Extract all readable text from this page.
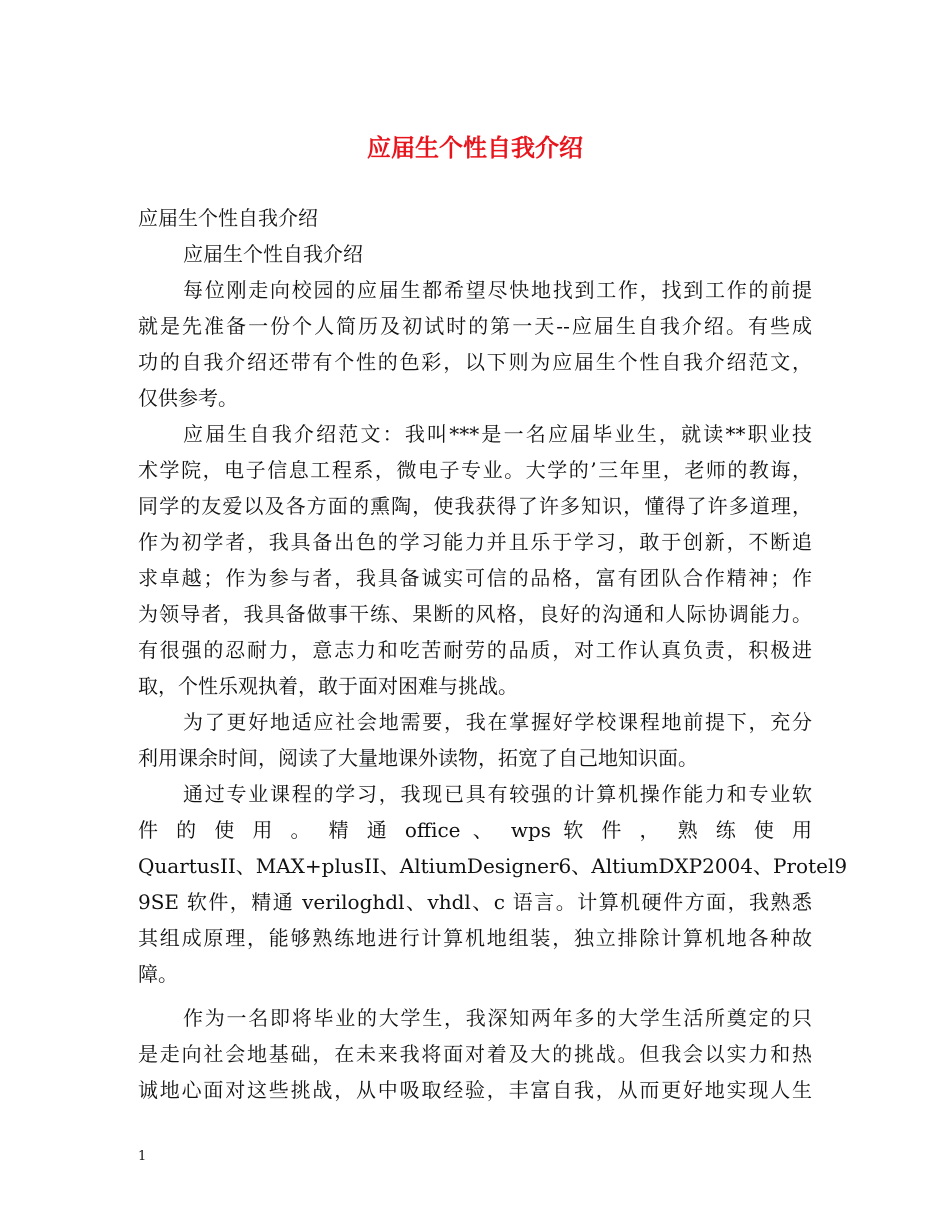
应届生个性自我介绍
应届生个性自我介绍
应届生个性自我介绍
每位刚走向校园的应届生都希望尽快地找到工作，找到工作的前提
就是先准备一份个人简历及初试时的第一天--应届生自我介绍。有些成
功的自我介绍还带有个性的色彩，以下则为应届生个性自我介绍范文，
仅供参考。
应届生自我介绍范文：我叫***是一名应届毕业生，就读**职业技
术学院，电子信息工程系，微电子专业。大学的’三年里，老师的教诲，
同学的友爱以及各方面的熏陶，使我获得了许多知识，懂得了许多道理，
作为初学者，我具备出色的学习能力并且乐于学习，敢于创新，不断追
求卓越；作为参与者，我具备诚实可信的品格，富有团队合作精神；作
为领导者，我具备做事干练、果断的风格，良好的沟通和人际协调能力。
有很强的忍耐力，意志力和吃苦耐劳的品质，对工作认真负责，积极进
取，个性乐观执着，敢于面对困难与挑战。
为了更好地适应社会地需要，我在掌握好学校课程地前提下，充分
利用课余时间，阅读了大量地课外读物，拓宽了自己地知识面。
通过专业课程的学习，我现已具有较强的计算机操作能力和专业软
件 的 使 用 。 精 通 office 、 wps 软 件 ， 熟 练 使 用
QuartusII、MAX+plusII、AltiumDesigner6、AltiumDXP2004、Protel9
9SE 软件，精通 veriloghdl、vhdl、c 语言。计算机硬件方面，我熟悉
其组成原理，能够熟练地进行计算机地组装，独立排除计算机地各种故
障。
作为一名即将毕业的大学生，我深知两年多的大学生活所奠定的只
是走向社会地基础，在未来我将面对着及大的挑战。但我会以实力和热
诚地心面对这些挑战，从中吸取经验，丰富自我，从而更好地实现人生
1
